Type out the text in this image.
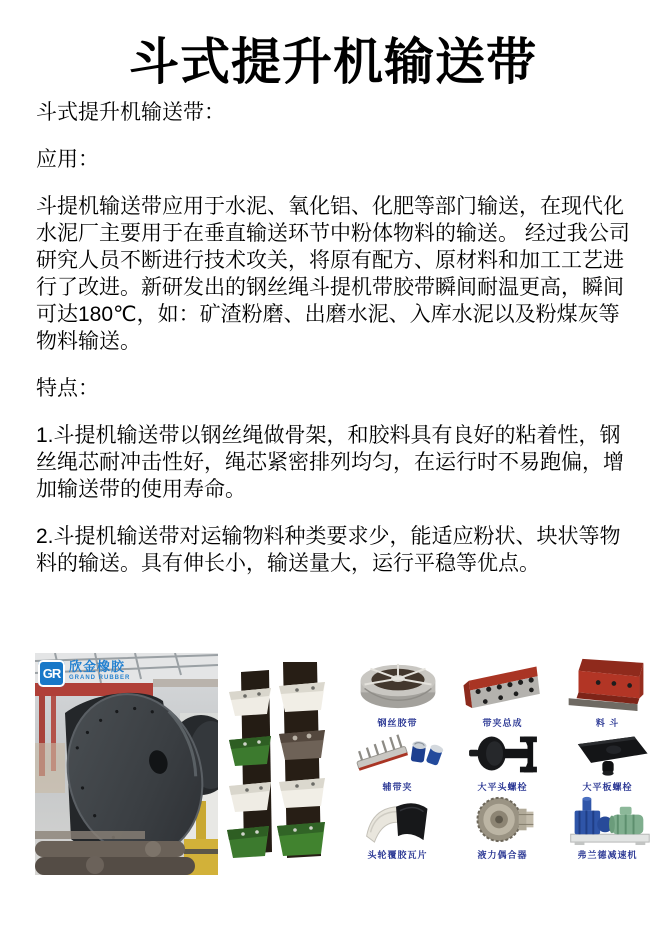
斗式提升机输送带

斗式提升机输送带：

应用：

斗提机输送带应用于水泥、氧化铝、化肥等部门输送，在现代化水泥厂主要用于在垂直输送环节中粉体物料的输送。 经过我公司研究人员不断进行技术攻关，将原有配方、原材料和加工工艺进行了改进。新研发出的钢丝绳斗提机带胶带瞬间耐温更高，瞬间可达180℃，如：矿渣粉磨、出磨水泥、入库水泥以及粉煤灰等物料输送。

特点：

1.斗提机输送带以钢丝绳做骨架，和胶料具有良好的粘着性，钢丝绳芯耐冲击性好，绳芯紧密排列均匀，在运行时不易跑偏，增加输送带的使用寿命。

2.斗提机输送带对运输物料种类要求少，能适应粉状、块状等物料的输送。具有伸长小，输送量大，运行平稳等优点。

GR 欣金橡胶
GRAND RUBBER
钢丝胶带	带夹总成	料 斗
辅带夹	大平头螺栓	大平板螺栓
头轮覆胶瓦片	液力偶合器	弗兰德减速机
